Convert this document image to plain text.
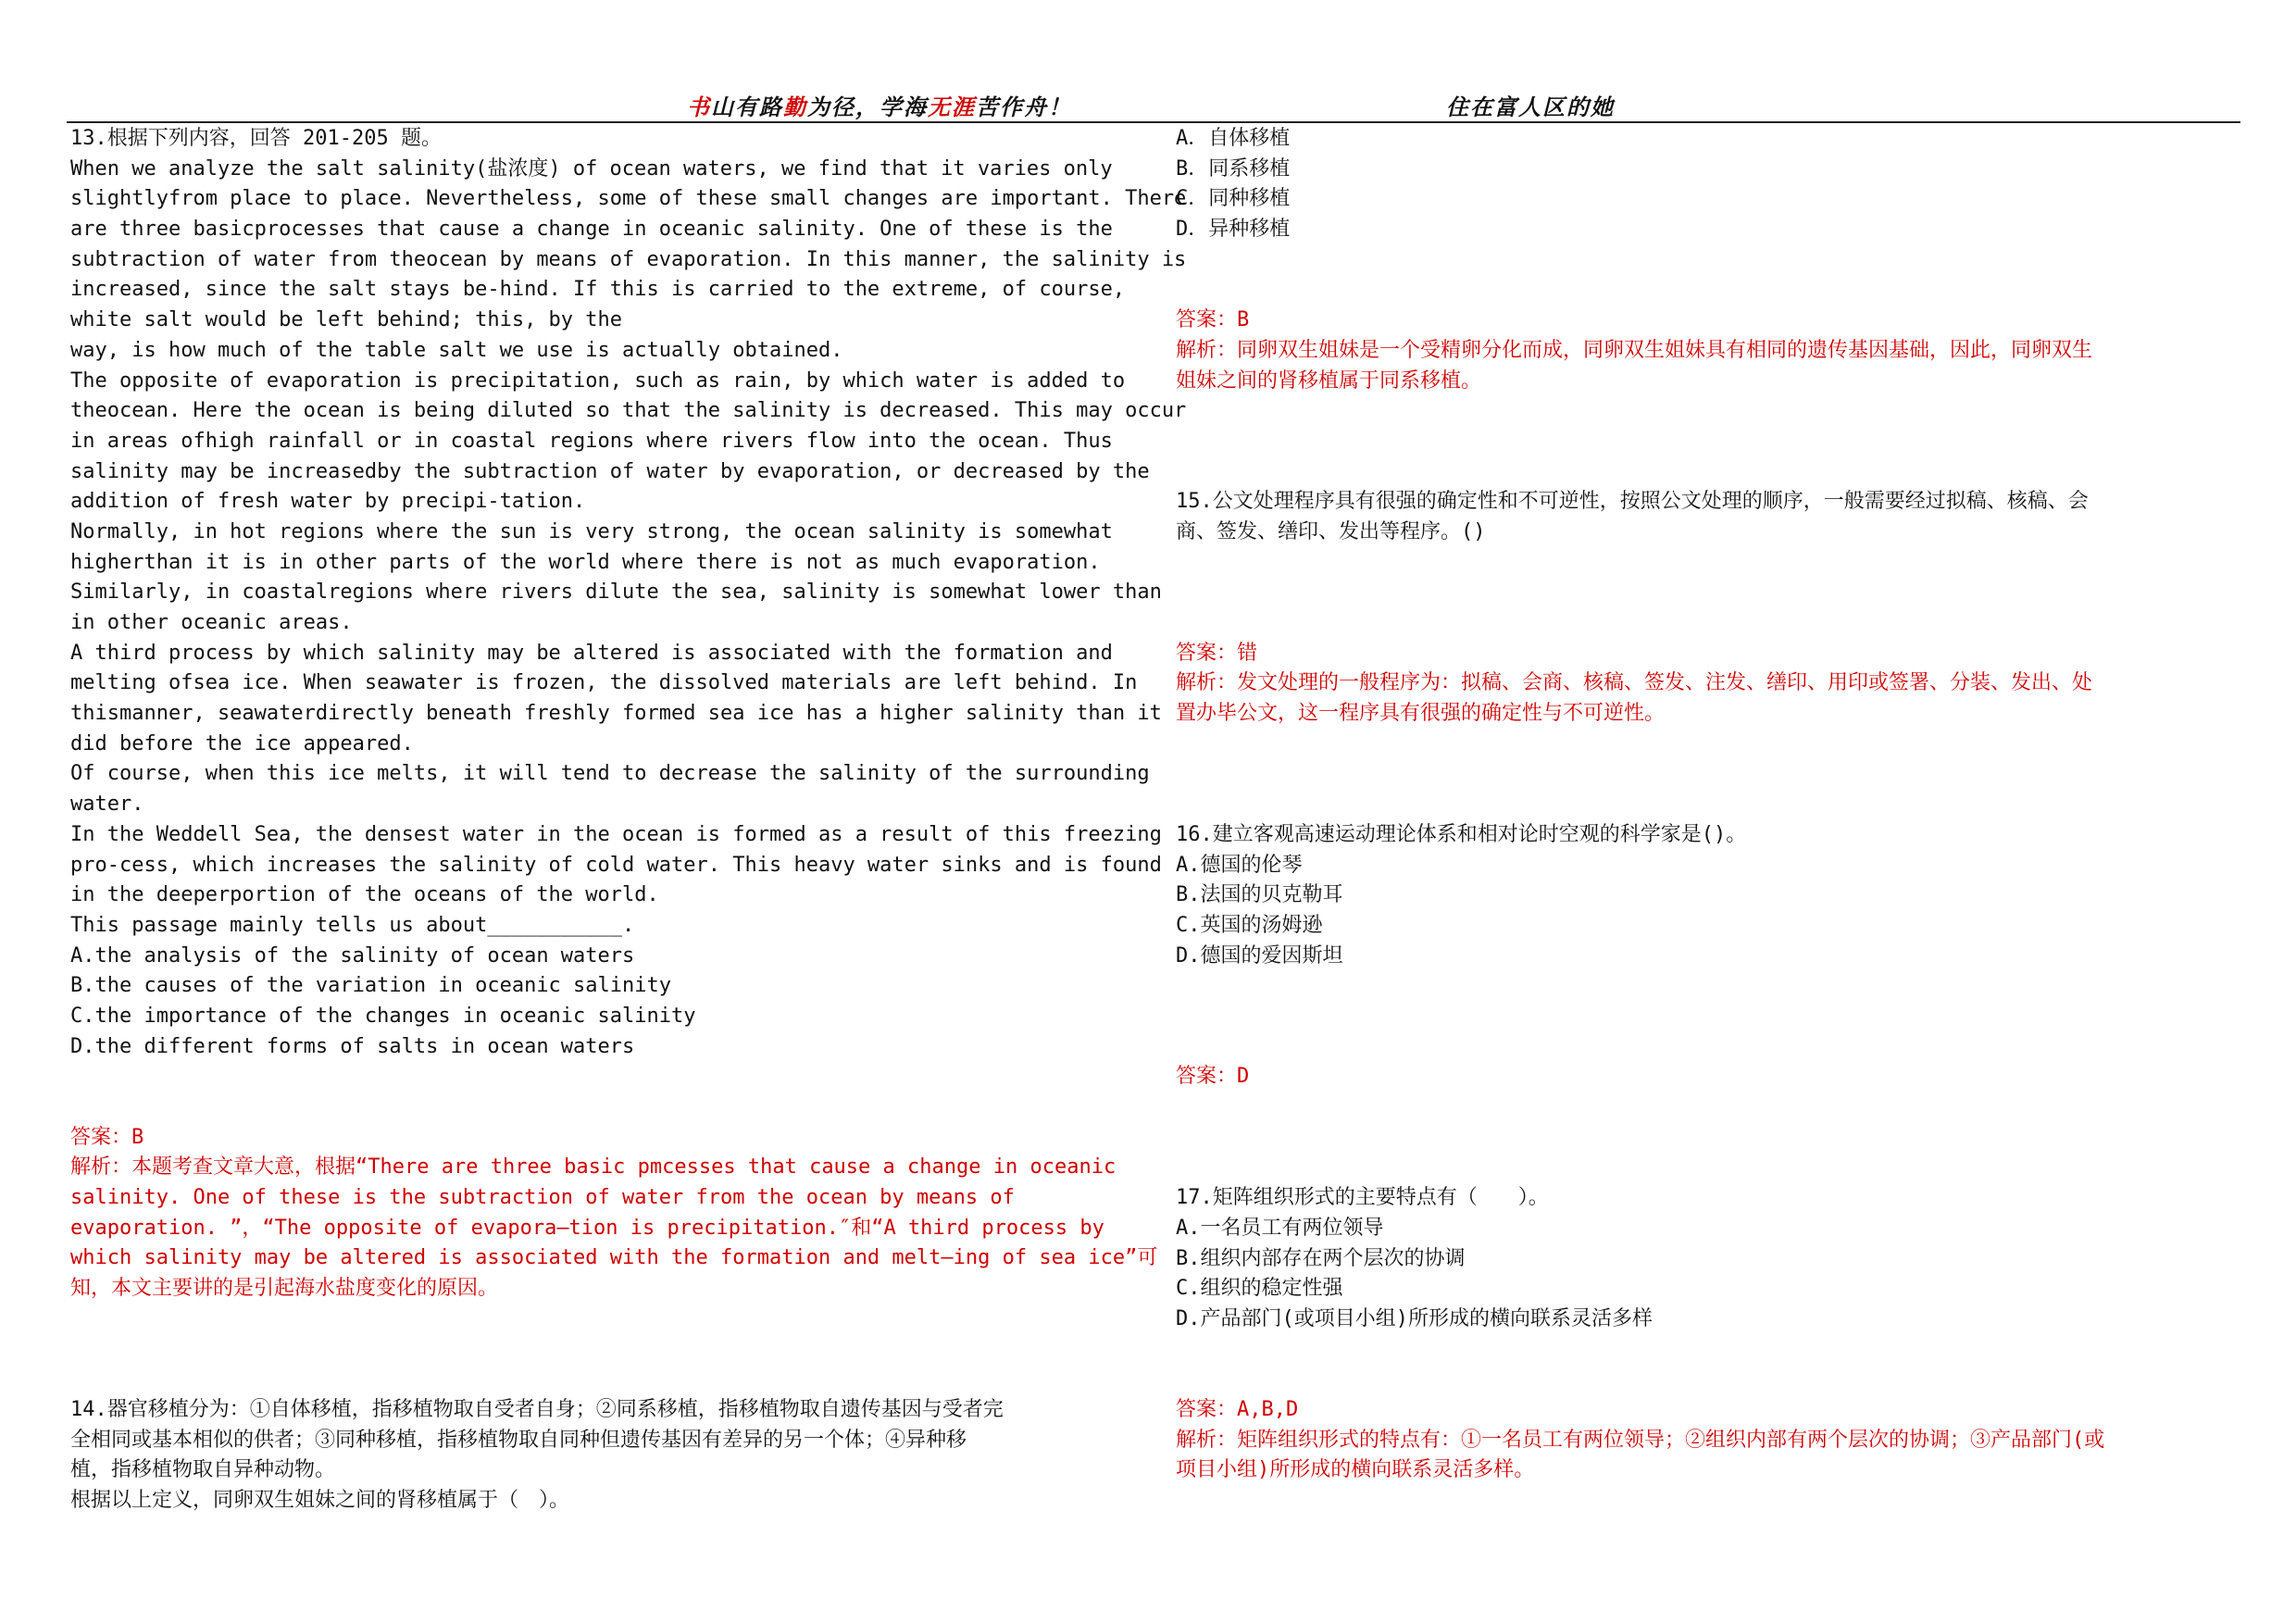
书山有路勤为径，学海无涯苦作舟！	住在富人区的她
13.根据下列内容，回答 201-205 题。
When we analyze the salt salinity(盐浓度) of ocean waters, we find that it varies only
slightlyfrom place to place. Nevertheless, some of these small changes are important. There
are three basicprocesses that cause a change in oceanic salinity. One of these is the
subtraction of water from theocean by means of evaporation. In this manner, the salinity is
increased, since the salt stays be-hind. If this is carried to the extreme, of course,
white salt would be left behind; this, by the
way, is how much of the table salt we use is actually obtained.
The opposite of evaporation is precipitation, such as rain, by which water is added to
theocean. Here the ocean is being diluted so that the salinity is decreased. This may occur
in areas ofhigh rainfall or in coastal regions where rivers flow into the ocean. Thus
salinity may be increasedby the subtraction of water by evaporation, or decreased by the
addition of fresh water by precipi-tation.
Normally, in hot regions where the sun is very strong, the ocean salinity is somewhat
higherthan it is in other parts of the world where there is not as much evaporation.
Similarly, in coastalregions where rivers dilute the sea, salinity is somewhat lower than
in other oceanic areas.
A third process by which salinity may be altered is associated with the formation and
melting ofsea ice. When seawater is frozen, the dissolved materials are left behind. In
thismanner, seawaterdirectly beneath freshly formed sea ice has a higher salinity than it
did before the ice appeared.
Of course, when this ice melts, it will tend to decrease the salinity of the surrounding
water.
In the Weddell Sea, the densest water in the ocean is formed as a result of this freezing
pro-cess, which increases the salinity of cold water. This heavy water sinks and is found
in the deeperportion of the oceans of the world.
This passage mainly tells us about___________.
A.the analysis of the salinity of ocean waters
B.the causes of the variation in oceanic salinity
C.the importance of the changes in oceanic salinity
D.the different forms of salts in ocean waters
答案：B
解析：本题考查文章大意，根据“There are three basic pmcesses that cause a change in oceanic
salinity. One of these is the subtraction of water from the ocean by means of
evaporation. ”，“The opposite of evapora—tion is precipitation.″和“A third process by
which salinity may be altered is associated with the formation and melt—ing of sea ice”可
知，本文主要讲的是引起海水盐度变化的原因。
14.器官移植分为：①自体移植，指移植物取自受者自身；②同系移植，指移植物取自遗传基因与受者完
全相同或基本相似的供者；③同种移植，指移植物取自同种但遗传基因有差异的另一个体；④异种移
植，指移植物取自异种动物。
根据以上定义，同卵双生姐妹之间的肾移植属于（　）。
A．自体移植
B．同系移植
C．同种移植
D．异种移植
答案：B
解析：同卵双生姐妹是一个受精卵分化而成，同卵双生姐妹具有相同的遗传基因基础，因此，同卵双生
姐妹之间的肾移植属于同系移植。
15.公文处理程序具有很强的确定性和不可逆性，按照公文处理的顺序，一般需要经过拟稿、核稿、会
商、签发、缮印、发出等程序。()
答案：错
解析：发文处理的一般程序为：拟稿、会商、核稿、签发、注发、缮印、用印或签署、分装、发出、处
置办毕公文，这一程序具有很强的确定性与不可逆性。
16.建立客观高速运动理论体系和相对论时空观的科学家是()。
A.德国的伦琴
B.法国的贝克勒耳
C.英国的汤姆逊
D.德国的爱因斯坦
答案：D
17.矩阵组织形式的主要特点有（　　）。
A.一名员工有两位领导
B.组织内部存在两个层次的协调
C.组织的稳定性强
D.产品部门(或项目小组)所形成的横向联系灵活多样
答案：A,B,D
解析：矩阵组织形式的特点有：①一名员工有两位领导；②组织内部有两个层次的协调；③产品部门(或
项目小组)所形成的横向联系灵活多样。
